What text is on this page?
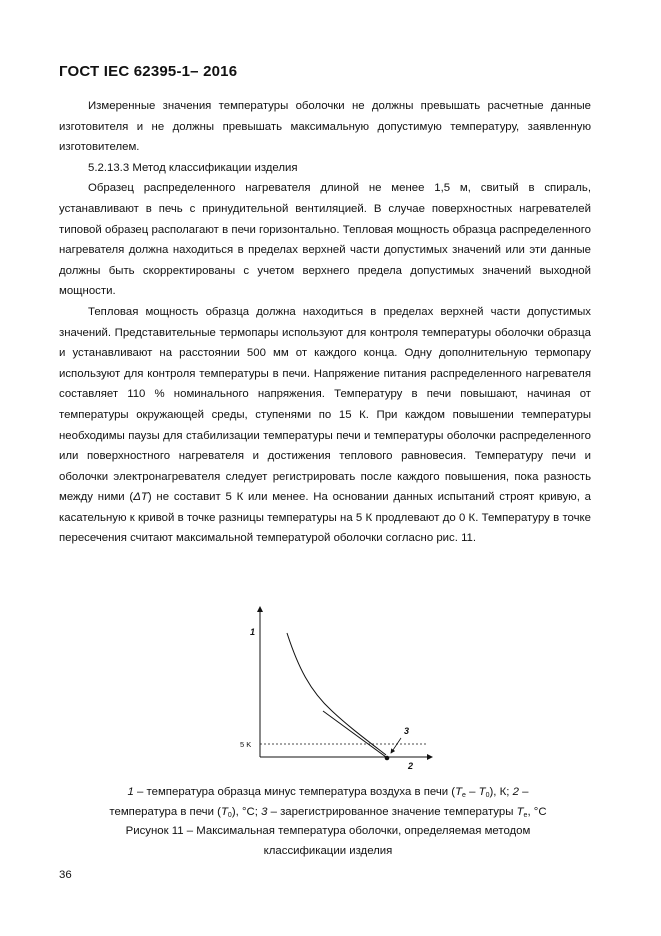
ГОСТ IEC 62395-1– 2016

Измеренные значения температуры оболочки не должны превышать расчетные данные изготовителя и не должны превышать максимальную допустимую температуру, заявленную изготовителем.

5.2.13.3 Метод классификации изделия

Образец распределенного нагревателя длиной не менее 1,5 м, свитый в спираль, устанавливают в печь с принудительной вентиляцией. В случае поверхностных нагревателей типовой образец располагают в печи горизонтально. Тепловая мощность образца распределенного нагревателя должна находиться в пределах верхней части допустимых значений или эти данные должны быть скорректированы с учетом верхнего предела допустимых значений выходной мощности.

Тепловая мощность образца должна находиться в пределах верхней части допустимых значений. Представительные термопары используют для контроля температуры оболочки образца и устанавливают на расстоянии 500 мм от каждого конца. Одну дополнительную термопару используют для контроля температуры в печи. Напряжение питания распределенного нагревателя составляет 110 % номинального напряжения. Температуру в печи повышают, начиная от температуры окружающей среды, ступенями по 15 К. При каждом повышении температуры необходимы паузы для стабилизации температуры печи и температуры оболочки распределенного или поверхностного нагревателя и достижения теплового равновесия. Температуру печи и оболочки электронагревателя следует регистрировать после каждого повышения, пока разность между ними (ΔT) не составит 5 К или менее. На основании данных испытаний строят кривую, а касательную к кривой в точке разницы температуры на 5 К продлевают до 0 К. Температуру в точке пересечения считают максимальной температурой оболочки согласно рис. 11.

1
2
3
5 K
1 – температура образца минус температура воздуха в печи $(T_e - T_0)$, К; 2 –
температура в печи $(T_0)$, °С; 3 – зарегистрированное значение температуры $T_e$, °С
Рисунок 11 – Максимальная температура оболочки, определяемая методом
классификации изделия
36
